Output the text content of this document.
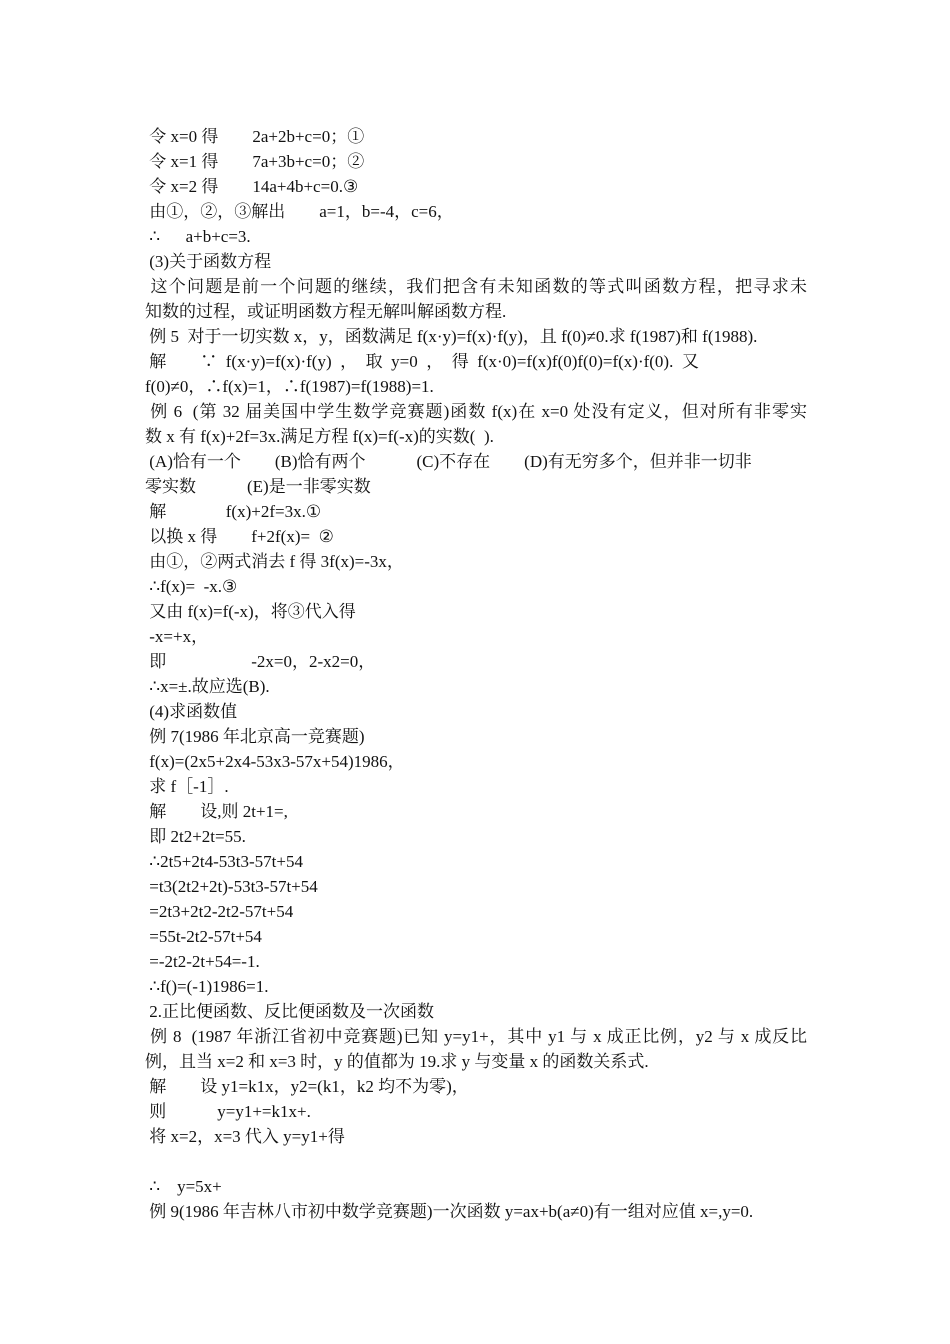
令 x=0 得        2a+2b+c=0；①
令 x=1 得        7a+3b+c=0；②
令 x=2 得        14a+4b+c=0.③
由①，②，③解出        a=1，b=-4，c=6，
∴      a+b+c=3.
(3)关于函数方程
这个问题是前一个问题的继续，我们把含有未知函数的等式叫函数方程，把寻求未
知数的过程，或证明函数方程无解叫解函数方程.
例 5  对于一切实数 x，y，函数满足 f(x·y)=f(x)·f(y)，且 f(0)≠0.求 f(1987)和 f(1988).
解        ∵  f(x·y)=f(x)·f(y)  ，  取  y=0  ，  得  f(x·0)=f(x)f(0)f(0)=f(x)·f(0).  又
f(0)≠0，∴f(x)=1，∴f(1987)=f(1988)=1.
例 6  (第 32 届美国中学生数学竞赛题)函数 f(x)在 x=0 处没有定义，但对所有非零实
数 x 有 f(x)+2f=3x.满足方程 f(x)=f(-x)的实数(  ).
(A)恰有一个        (B)恰有两个            (C)不存在        (D)有无穷多个，但并非一切非
零实数            (E)是一非零实数
解              f(x)+2f=3x.①
以换 x 得        f+2f(x)=  ②
由①，②两式消去 f 得 3f(x)=-3x，
∴f(x)=  -x.③
又由 f(x)=f(-x)，将③代入得
-x=+x，
即                    -2x=0，2-x2=0，
∴x=±.故应选(B).
(4)求函数值
例 7(1986 年北京高一竞赛题)
f(x)=(2x5+2x4-53x3-57x+54)1986，
求 f［-1］.
解        设,则 2t+1=,
即 2t2+2t=55.
∴2t5+2t4-53t3-57t+54
=t3(2t2+2t)-53t3-57t+54
=2t3+2t2-2t2-57t+54
=55t-2t2-57t+54
=-2t2-2t+54=-1.
∴f()=(-1)1986=1.
2.正比便函数、反比便函数及一次函数
例 8  (1987 年浙江省初中竞赛题)已知 y=y1+，其中 y1 与 x 成正比例，y2 与 x 成反比
例，且当 x=2 和 x=3 时，y 的值都为 19.求 y 与变量 x 的函数关系式.
解        设 y1=k1x，y2=(k1，k2 均不为零)，
则            y=y1+=k1x+.
将 x=2，x=3 代入 y=y1+得
∴    y=5x+
例 9(1986 年吉林八市初中数学竞赛题)一次函数 y=ax+b(a≠0)有一组对应值 x=,y=0.
